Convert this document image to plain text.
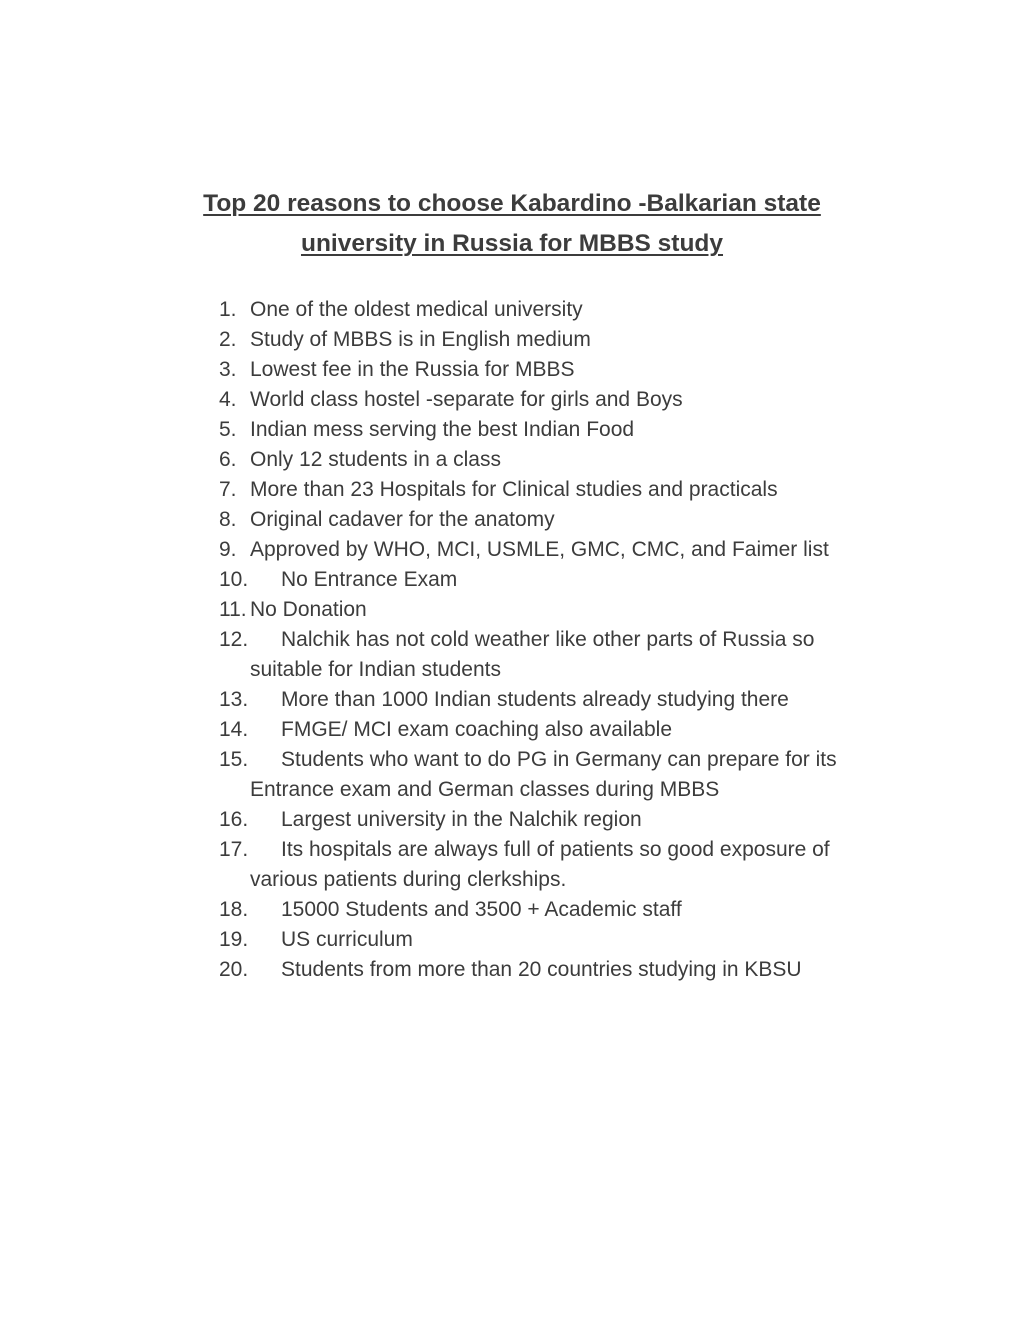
Top 20 reasons to choose Kabardino -Balkarian state
university in Russia for MBBS study
1. One of the oldest medical university
2. Study of MBBS is in English medium
3. Lowest fee in the Russia for MBBS
4. World class hostel -separate for girls and Boys
5. Indian mess serving the best Indian Food
6. Only 12 students in a class
7. More than 23 Hospitals for Clinical studies and practicals
8. Original cadaver for the anatomy
9. Approved by WHO, MCI, USMLE, GMC, CMC, and Faimer list
10. No Entrance Exam
11. No Donation
12. Nalchik has not cold weather like other parts of Russia so suitable for Indian students
13. More than 1000 Indian students already studying there
14. FMGE/ MCI exam coaching also available
15. Students who want to do PG in Germany can prepare for its Entrance exam and German classes during MBBS
16. Largest university in the Nalchik region
17. Its hospitals are always full of patients so good exposure of various patients during clerkships.
18. 15000 Students and 3500 + Academic staff
19. US curriculum
20. Students from more than 20 countries studying in KBSU
